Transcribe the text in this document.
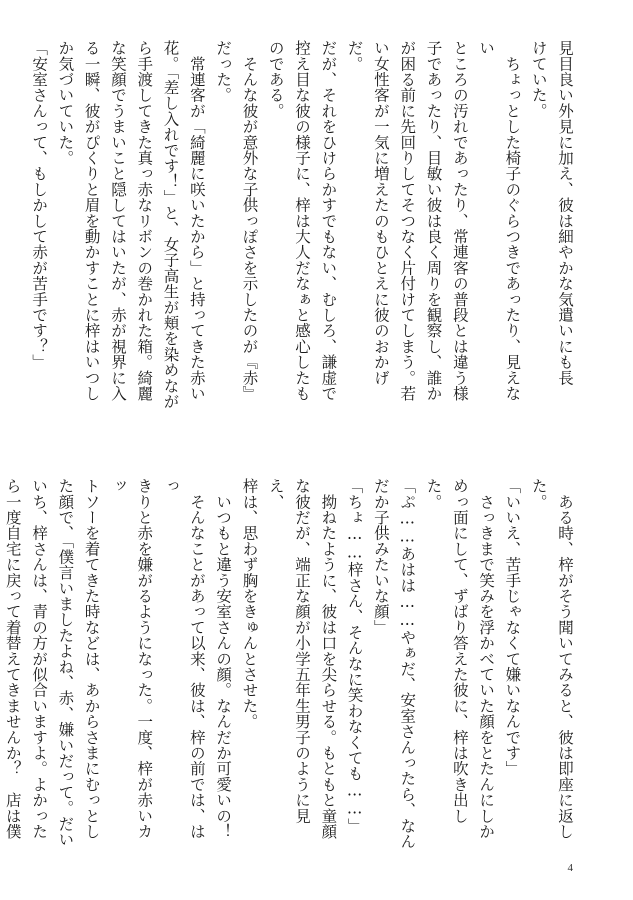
見目良い外見に加え、彼は細やかな気遣いにも長
けていた。

　ちょっとした椅子のぐらつきであったり、見えない
ところの汚れであったり、常連客の普段とは違う様
子であったり、目敏い彼は良く周りを観察し、誰か
が困る前に先回りしてそつなく片付けてしまう。若
い女性客が一気に増えたのもひとえに彼のおかげだ。
だが、それをひけらかすでもない、むしろ、謙虚で
控え目な彼の様子に、梓は大人だなぁと感心したも
のである。

　そんな彼が意外な子供っぽさを示したのが『赤』
だった。

　常連客が「綺麗に咲いたから」と持ってきた赤い
花。「差し入れです！」と、女子高生が頬を染めなが
ら手渡してきた真っ赤なリボンの巻かれた箱。綺麗
な笑顔でうまいこと隠してはいたが、赤が視界に入
る一瞬、彼がぴくりと眉を動かすことに梓はいつし
か気づいていた。

「安室さんって、もしかして赤が苦手です？」

　ある時、梓がそう聞いてみると、彼は即座に返した。

「いいえ、苦手じゃなくて嫌いなんです」

　さっきまで笑みを浮かべていた顔をとたんにしか
めっ面にして、ずばり答えた彼に、梓は吹き出した。

「ぷ……あはは……やぁだ、安室さんったら、なん
だか子供みたいな顔」

「ちょ……梓さん、そんなに笑わなくても……」

　拗ねたように、彼は口を尖らせる。もともと童顔
な彼だが、端正な顔が小学五年生男子のように見え、
梓は、思わず胸をきゅんとさせた。

　いつもと違う安室さんの顔。なんだか可愛いの！

　そんなことがあって以来、彼は、梓の前では、はっ
きりと赤を嫌がるようになった。一度、梓が赤いカッ
トソーを着てきた時などは、あからさまにむっとし
た顔で、「僕言いましたよね、赤、嫌いだって。だい
いち、梓さんは、青の方が似合いますよ。よかった
ら一度自宅に戻って着替えてきませんか？　店は僕

4
